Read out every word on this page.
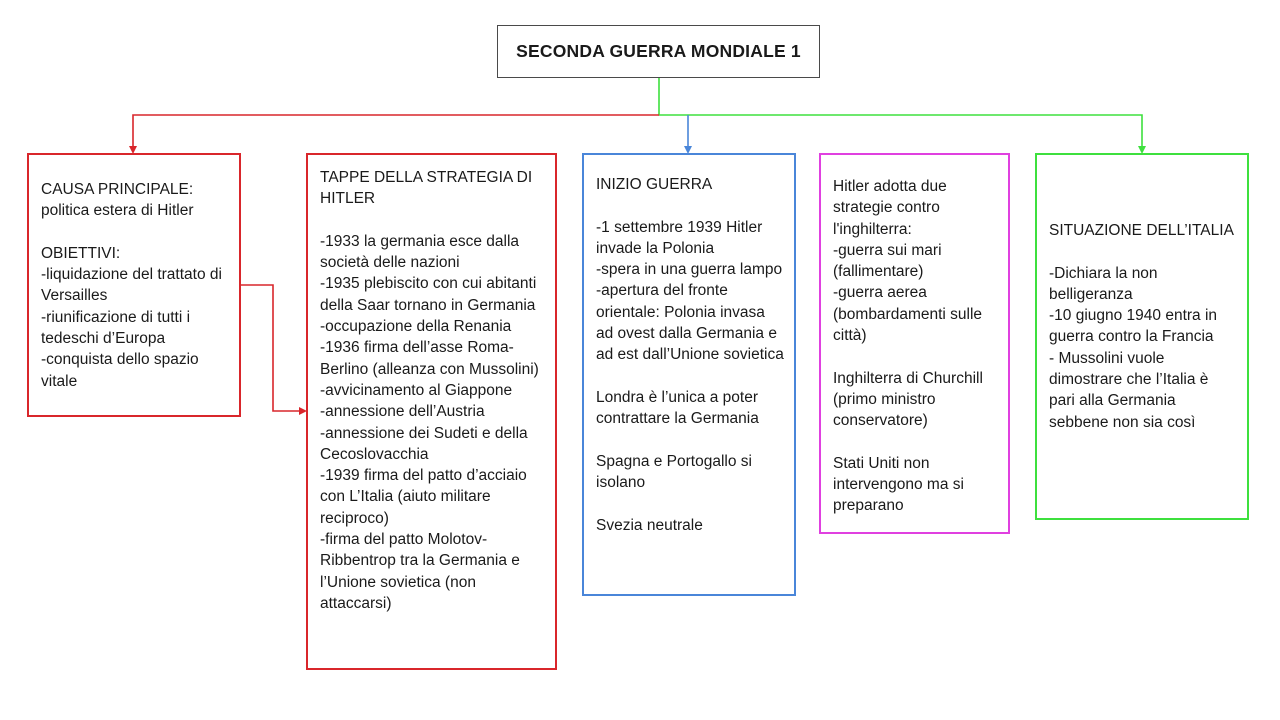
SECONDA GUERRA MONDIALE 1

CAUSA PRINCIPALE:

politica estera di Hitler

OBIETTIVI:

-liquidazione del trattato di Versailles

-riunificazione di tutti i tedeschi d’Europa

-conquista dello spazio vitale

TAPPE DELLA STRATEGIA DI HITLER

-1933 la germania esce dalla società delle nazioni

-1935 plebiscito con cui abitanti della Saar tornano in Germania

-occupazione della Renania

-1936 firma dell’asse Roma-Berlino (alleanza con Mussolini)

-avvicinamento al Giappone

-annessione dell’Austria

-annessione dei Sudeti e della Cecoslovacchia

-1939 firma del patto d’acciaio con L’Italia (aiuto militare reciproco)

-firma del patto Molotov-Ribbentrop tra la Germania e l’Unione sovietica (non attaccarsi)

INIZIO GUERRA

-1 settembre 1939 Hitler invade la Polonia

-spera in una guerra lampo

-apertura del fronte orientale: Polonia invasa ad ovest dalla Germania e ad est dall’Unione sovietica

Londra è l’unica a poter contrattare la Germania

Spagna e Portogallo si isolano

Svezia neutrale

Hitler adotta due strategie contro l'inghilterra:

-guerra sui mari (fallimentare)

-guerra aerea (bombardamenti sulle città)

Inghilterra di Churchill (primo ministro conservatore)

Stati Uniti non intervengono ma si preparano

SITUAZIONE DELL’ITALIA

-Dichiara la non belligeranza

-10 giugno 1940 entra in guerra contro la Francia

- Mussolini vuole dimostrare che l’Italia è pari alla Germania sebbene non sia così
